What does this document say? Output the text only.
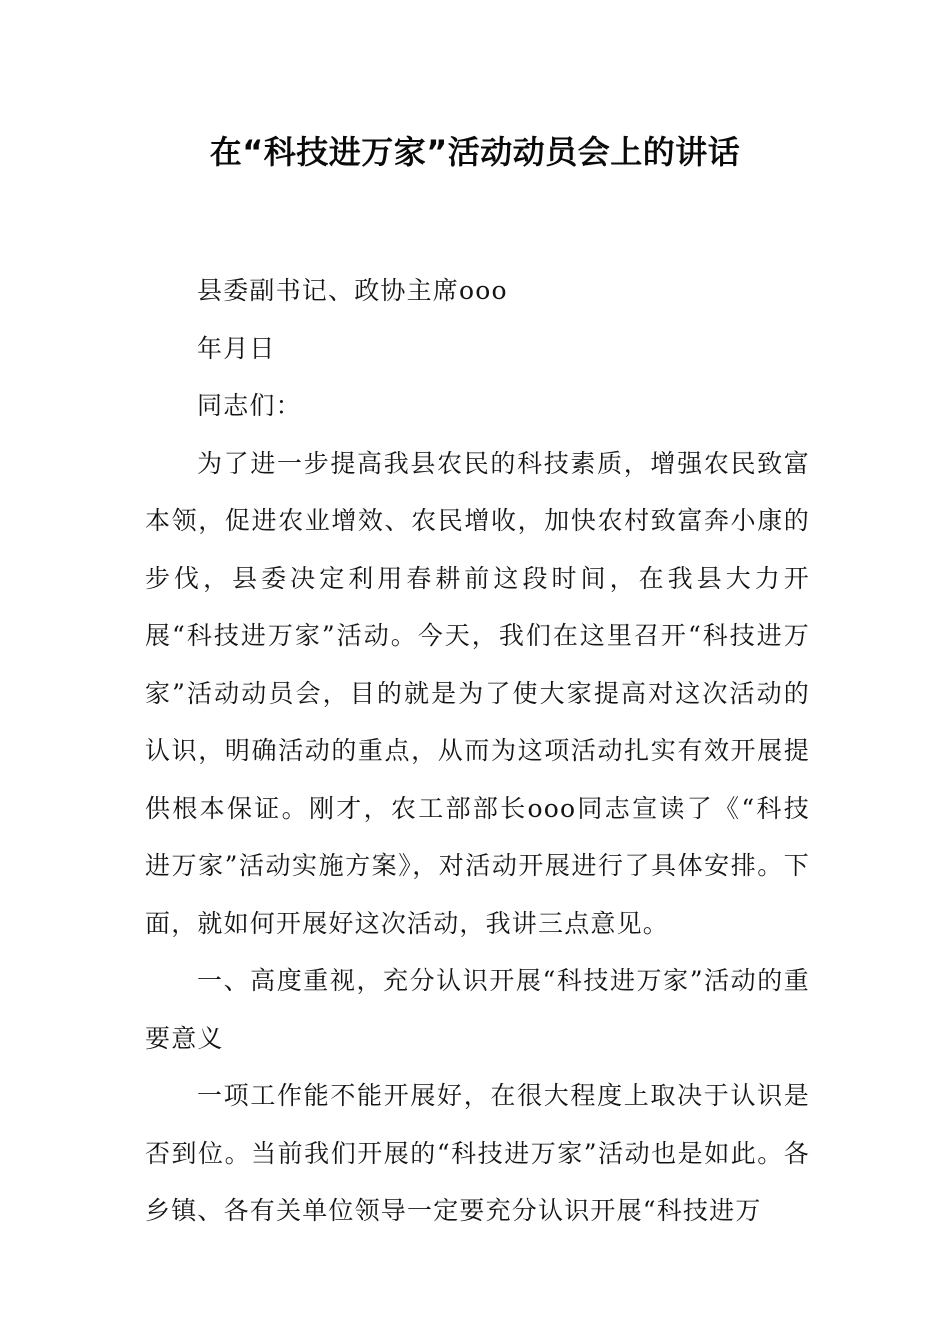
在“科技进万家”活动动员会上的讲话

县委副书记、政协主席ooo

年月日

同志们：

为了进一步提高我县农民的科技素质，增强农民致富本领，促进农业增效、农民增收，加快农村致富奔小康的步伐，县委决定利用春耕前这段时间，在我县大力开展“科技进万家”活动。今天，我们在这里召开“科技进万家”活动动员会，目的就是为了使大家提高对这次活动的认识，明确活动的重点，从而为这项活动扎实有效开展提供根本保证。刚才，农工部部长ooo同志宣读了《“科技进万家”活动实施方案》，对活动开展进行了具体安排。下面，就如何开展好这次活动，我讲三点意见。

一、高度重视，充分认识开展“科技进万家”活动的重要意义

一项工作能不能开展好，在很大程度上取决于认识是否到位。当前我们开展的“科技进万家”活动也是如此。各乡镇、各有关单位领导一定要充分认识开展“科技进万
